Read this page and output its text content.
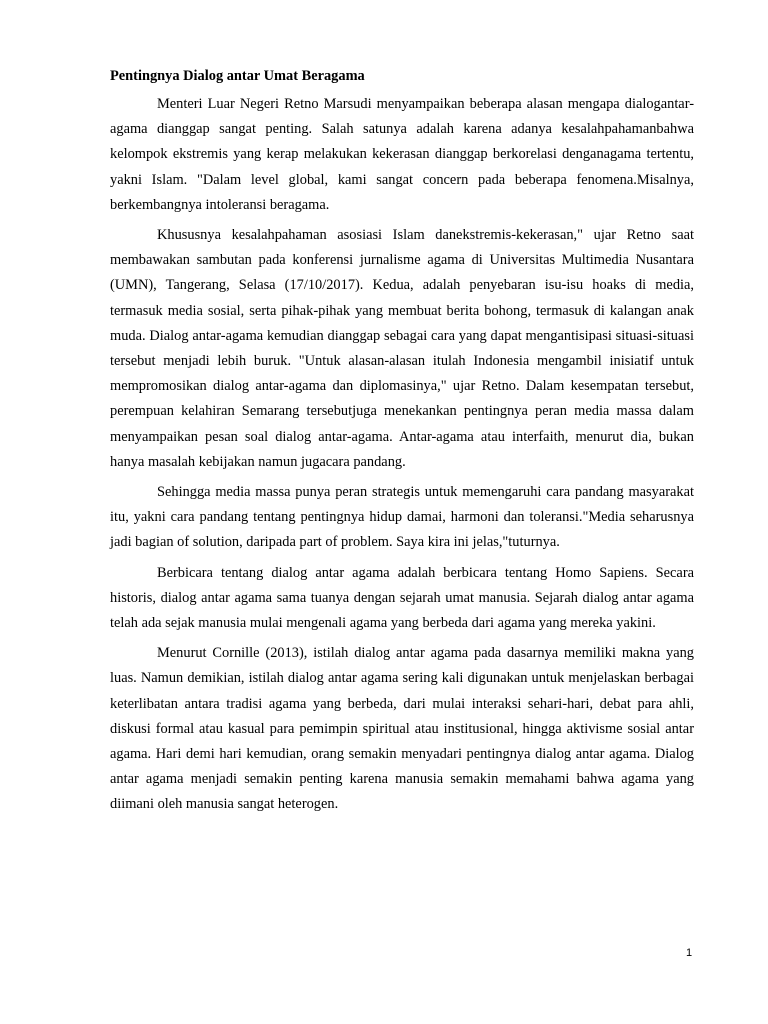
Pentingnya Dialog antar Umat Beragama

Menteri Luar Negeri Retno Marsudi menyampaikan beberapa alasan mengapa dialogantar-agama dianggap sangat penting. Salah satunya adalah karena adanya kesalahpahamanbahwa kelompok ekstremis yang kerap melakukan kekerasan dianggap berkorelasi denganagama tertentu, yakni Islam. "Dalam level global, kami sangat concern pada beberapa fenomena.Misalnya, berkembangnya intoleransi beragama.

Khususnya kesalahpahaman asosiasi Islam danekstremis-kekerasan," ujar Retno saat membawakan sambutan pada konferensi jurnalisme agama di Universitas Multimedia Nusantara (UMN), Tangerang, Selasa (17/10/2017). Kedua, adalah penyebaran isu-isu hoaks di media, termasuk media sosial, serta pihak-pihak yang membuat berita bohong, termasuk di kalangan anak muda. Dialog antar-agama kemudian dianggap sebagai cara yang dapat mengantisipasi situasi-situasi tersebut menjadi lebih buruk. "Untuk alasan-alasan itulah Indonesia mengambil inisiatif untuk mempromosikan dialog antar-agama dan diplomasinya," ujar Retno. Dalam kesempatan tersebut, perempuan kelahiran Semarang tersebutjuga menekankan pentingnya peran media massa dalam menyampaikan pesan soal dialog antar-agama. Antar-agama atau interfaith, menurut dia, bukan hanya masalah kebijakan namun jugacara pandang.

Sehingga media massa punya peran strategis untuk memengaruhi cara pandang masyarakat itu, yakni cara pandang tentang pentingnya hidup damai, harmoni dan toleransi."Media seharusnya jadi bagian of solution, daripada part of problem. Saya kira ini jelas,"tuturnya.

Berbicara tentang dialog antar agama adalah berbicara tentang Homo Sapiens. Secara historis, dialog antar agama sama tuanya dengan sejarah umat manusia. Sejarah dialog antar agama telah ada sejak manusia mulai mengenali agama yang berbeda dari agama yang mereka yakini.

Menurut Cornille (2013), istilah dialog antar agama pada dasarnya memiliki makna yang luas. Namun demikian, istilah dialog antar agama sering kali digunakan untuk menjelaskan berbagai keterlibatan antara tradisi agama yang berbeda, dari mulai interaksi sehari-hari, debat para ahli, diskusi formal atau kasual para pemimpin spiritual atau institusional, hingga aktivisme sosial antar agama. Hari demi hari kemudian, orang semakin menyadari pentingnya dialog antar agama. Dialog antar agama menjadi semakin penting karena manusia semakin memahami bahwa agama yang diimani oleh manusia sangat heterogen.

1
